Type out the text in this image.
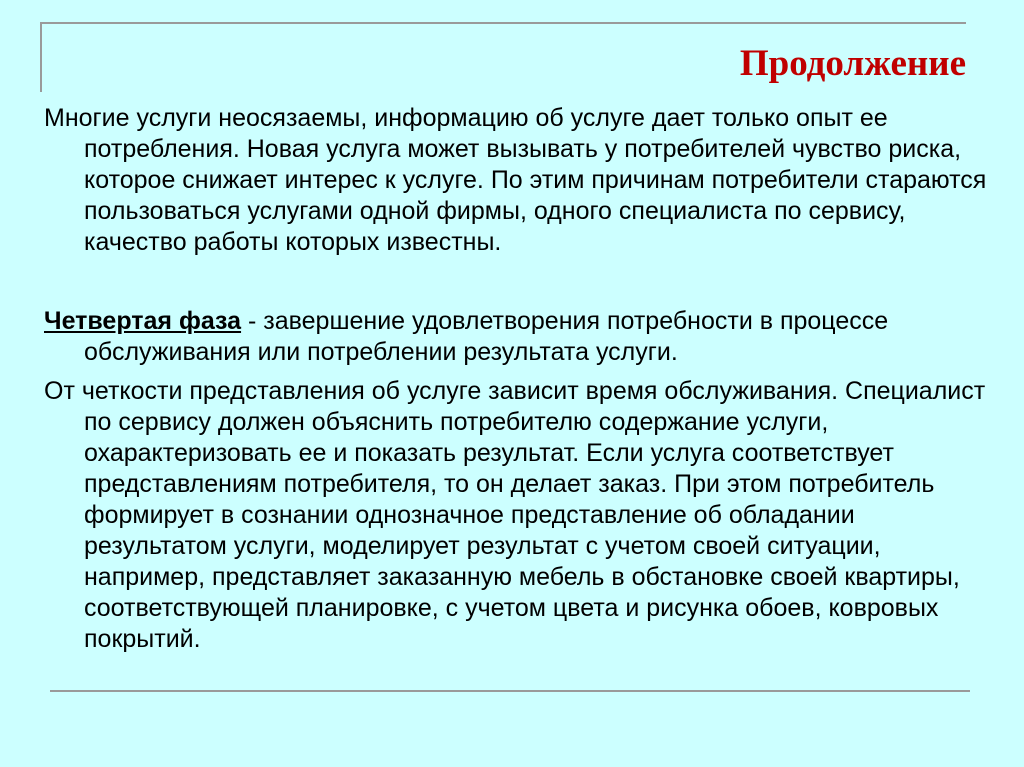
Продолжение

Многие услуги неосязаемы, информацию об услуге дает только опыт ее потребления. Новая услуга может вызывать у потребителей чувство риска, которое снижает интерес к услуге. По этим причинам потребители стараются пользоваться услугами одной фирмы, одного специалиста по сервису, качество работы которых известны.

Четвертая фаза - завершение удовлетворения потребности в процессе обслуживания или потреблении результата услуги.

От четкости представления об услуге зависит время обслуживания. Специалист по сервису должен объяснить потребителю содержание услуги, охарактеризовать ее и показать результат. Если услуга соответствует представлениям потребителя, то он делает заказ. При этом потребитель формирует в сознании однозначное представление об обладании результатом услуги, моделирует результат с учетом своей ситуации, например, представляет заказанную мебель в обстановке своей квартиры, соответствующей планировке, с учетом цвета и рисунка обоев, ковровых покрытий.
